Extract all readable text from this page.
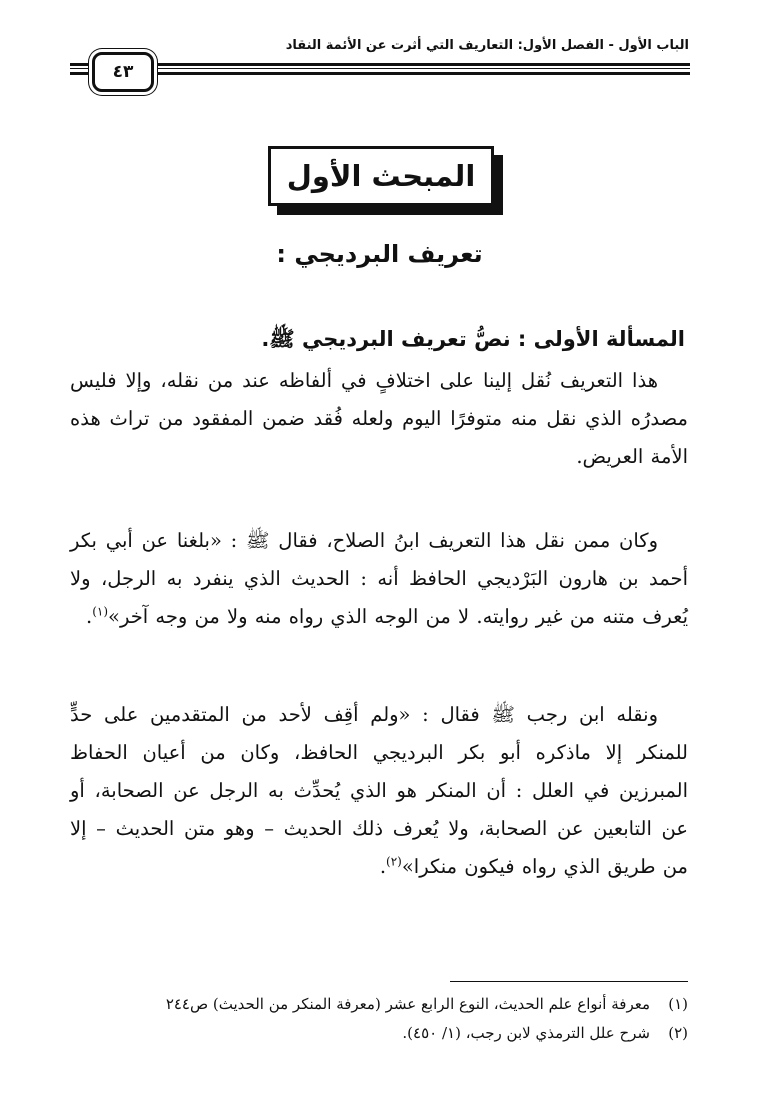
الباب الأول - الفصل الأول: التعاريف التي أثرت عن الأئمة النقاد
٤٣
المبحث الأول
تعريف البرديجي :
المسألة الأولى : نصُّ تعريف البرديجي ﷺ.

هذا التعريف نُقل إلينا على اختلافٍ في ألفاظه عند من نقله، وإلا فليس مصدرُه الذي نقل منه متوفرًا اليوم ولعله فُقد ضمن المفقود من تراث هذه الأمة العريض.

وكان ممن نقل هذا التعريف ابنُ الصلاح، فقال ﷺ : «بلغنا عن أبي بكر أحمد بن هارون البَرْديجي الحافظ أنه : الحديث الذي ينفرد به الرجل، ولا يُعرف متنه من غير روايته. لا من الوجه الذي رواه منه ولا من وجه آخر»$^{(١)}$.

ونقله ابن رجب ﷺ فقال : «ولم أقِف لأحد من المتقدمين على حدٍّ للمنكر إلا ماذكره أبو بكر البرديجي الحافظ، وكان من أعيان الحفاظ المبرزين في العلل : أن المنكر هو الذي يُحدِّث به الرجل عن الصحابة، أو عن التابعين عن الصحابة، ولا يُعرف ذلك الحديث – وهو متن الحديث – إلا من طريق الذي رواه فيكون منكرا»$^{(٢)}$.

(١)
معرفة أنواع علم الحديث، النوع الرابع عشر (معرفة المنكر من الحديث) ص٢٤٤
(٢)
شرح علل الترمذي لابن رجب، (١/ ٤٥٠).
